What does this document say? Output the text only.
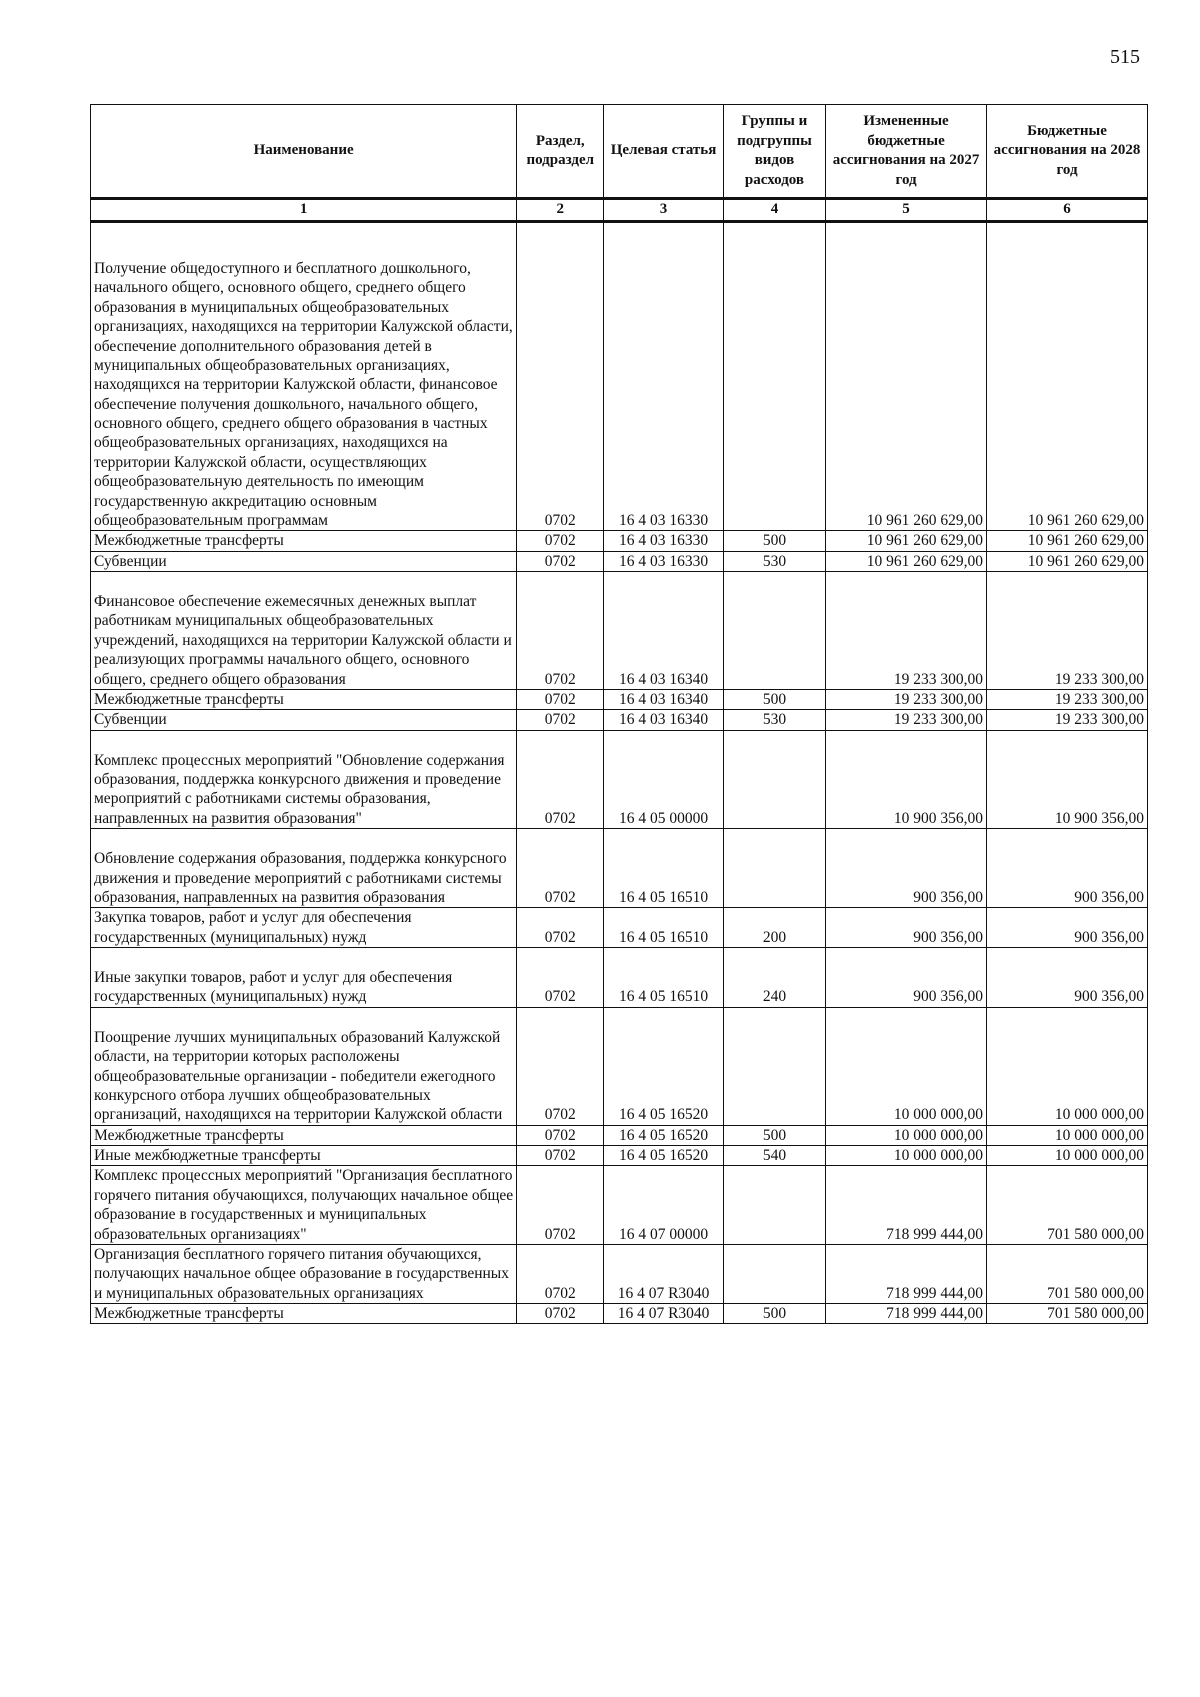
515
Наименование	Раздел, подраздел	Целевая статья	Группы и подгруппы видов расходов	Измененные бюджетные ассигнования на 2027 год	Бюджетные ассигнования на 2028 год
1	2	3	4	5	6
Получение общедоступного и бесплатного дошкольного, начального общего, основного общего, среднего общего образования в муниципальных общеобразовательных организациях, находящихся на территории Калужской области, обеспечение дополнительного образования детей в муниципальных общеобразовательных организациях, находящихся на территории Калужской области, финансовое обеспечение получения дошкольного, начального общего, основного общего, среднего общего образования в частных общеобразовательных организациях, находящихся на территории Калужской области, осуществляющих общеобразовательную деятельность по имеющим государственную аккредитацию основным общеобразовательным программам	0702	16 4 03 16330		10 961 260 629,00	10 961 260 629,00
Межбюджетные трансферты	0702	16 4 03 16330	500	10 961 260 629,00	10 961 260 629,00
Субвенции	0702	16 4 03 16330	530	10 961 260 629,00	10 961 260 629,00
Финансовое обеспечение ежемесячных денежных выплат работникам муниципальных общеобразовательных учреждений, находящихся на территории Калужской области и реализующих программы начального общего, основного общего, среднего общего образования	0702	16 4 03 16340		19 233 300,00	19 233 300,00
Межбюджетные трансферты	0702	16 4 03 16340	500	19 233 300,00	19 233 300,00
Субвенции	0702	16 4 03 16340	530	19 233 300,00	19 233 300,00
Комплекс процессных мероприятий "Обновление содержания образования, поддержка конкурсного движения и проведение мероприятий с работниками системы образования, направленных на развития образования"	0702	16 4 05 00000		10 900 356,00	10 900 356,00
Обновление содержания образования, поддержка конкурсного движения и проведение мероприятий с работниками системы образования, направленных на развития образования	0702	16 4 05 16510		900 356,00	900 356,00
Закупка товаров, работ и услуг для обеспечения государственных (муниципальных) нужд	0702	16 4 05 16510	200	900 356,00	900 356,00
Иные закупки товаров, работ и услуг для обеспечения государственных (муниципальных) нужд	0702	16 4 05 16510	240	900 356,00	900 356,00
Поощрение лучших муниципальных образований Калужской области, на территории которых расположены общеобразовательные организации - победители ежегодного конкурсного отбора лучших общеобразовательных организаций, находящихся на территории Калужской области	0702	16 4 05 16520		10 000 000,00	10 000 000,00
Межбюджетные трансферты	0702	16 4 05 16520	500	10 000 000,00	10 000 000,00
Иные межбюджетные трансферты	0702	16 4 05 16520	540	10 000 000,00	10 000 000,00
Комплекс процессных мероприятий "Организация бесплатного горячего питания обучающихся, получающих начальное общее образование в государственных и муниципальных образовательных организациях"	0702	16 4 07 00000		718 999 444,00	701 580 000,00
Организация бесплатного горячего питания обучающихся, получающих начальное общее образование в государственных и муниципальных образовательных организациях	0702	16 4 07 R3040		718 999 444,00	701 580 000,00
Межбюджетные трансферты	0702	16 4 07 R3040	500	718 999 444,00	701 580 000,00
